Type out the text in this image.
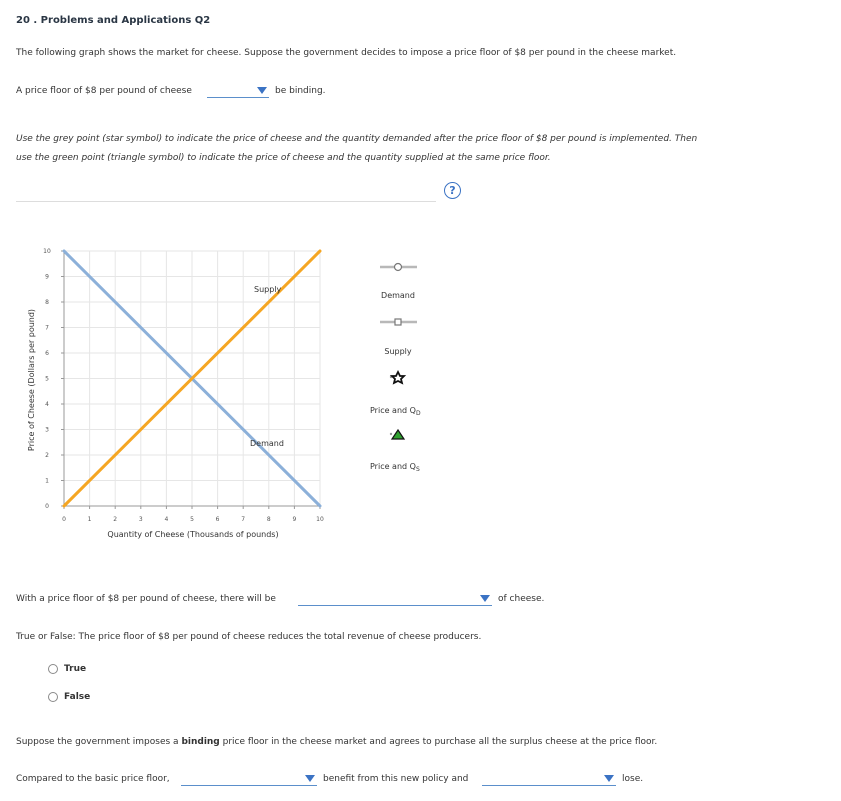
20 . Problems and Applications Q2
The following graph shows the market for cheese. Suppose the government decides to impose a price floor of $8 per pound in the cheese market.
A price floor of $8 per pound of cheese	be binding.
Use the grey point (star symbol) to indicate the price of cheese and the quantity demanded after the price floor of $8 per pound is implemented. Then
use the green point (triangle symbol) to indicate the price of cheese and the quantity supplied at the same price floor.
?
Price of Cheese (Dollars per pound)
Quantity of Cheese (Thousands of pounds)
0
1
2
3
4
5
6
7
8
9
10
0	1	2	3	4	5	6	7	8	9	10
Supply
Demand
Demand
Supply
Price and $Q_D$
Price and $Q_S$
With a price floor of $8 per pound of cheese, there will be	of cheese.
True or False: The price floor of $8 per pound of cheese reduces the total revenue of cheese producers.
True
False
Suppose the government imposes a binding price floor in the cheese market and agrees to purchase all the surplus cheese at the price floor.
Compared to the basic price floor,	benefit from this new policy and	lose.
